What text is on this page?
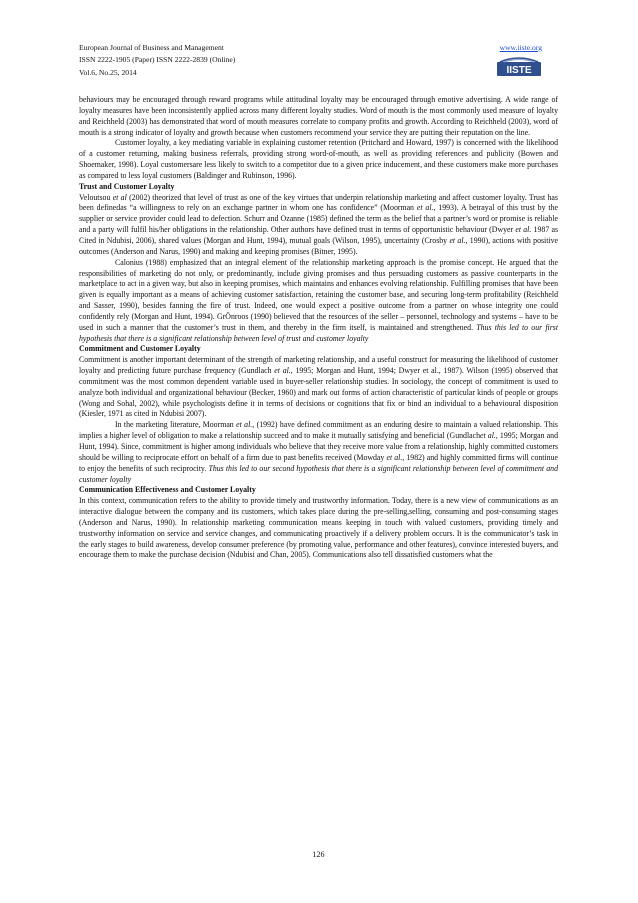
European Journal of Business and Management
ISSN 2222-1905 (Paper) ISSN 2222-2839 (Online)
Vol.6, No.25, 2014
www.iiste.org
IISTE

behaviours may be encouraged through reward programs while attitudinal loyalty may be encouraged through emotive advertising. A wide range of loyalty measures have been inconsistently applied across many different loyalty studies. Word of mouth is the most commonly used measure of loyalty and Reichheld (2003) has demonstrated that word of mouth measures correlate to company profits and growth. According to Reichheld (2003), word of mouth is a strong indicator of loyalty and growth because when customers recommend your service they are putting their reputation on the line.

Customer loyalty, a key mediating variable in explaining customer retention (Pritchard and Howard, 1997) is concerned with the likelihood of a customer returning, making business referrals, providing strong word-of-mouth, as well as providing references and publicity (Bowen and Shoemaker, 1998). Loyal customersare less likely to switch to a competitor due to a given price inducement, and these customers make more purchases as compared to less loyal customers (Baldinger and Rubinson, 1996).

Trust and Customer Loyalty

Veloutsou et al (2002) theorized that level of trust as one of the key virtues that underpin relationship marketing and affect customer loyalty. Trust has been definedas “a willingness to rely on an exchange partner in whom one has confidence” (Moorman et al., 1993). A betrayal of this trust by the supplier or service provider could lead to defection. Schurr and Ozanne (1985) defined the term as the belief that a partner’s word or promise is reliable and a party will fulfil his/her obligations in the relationship. Other authors have defined trust in terms of opportunistic behaviour (Dwyer et al. 1987 as Cited in Ndubisi, 2006), shared values (Morgan and Hunt, 1994), mutual goals (Wilson, 1995), uncertainty (Crosby et al., 1990), actions with positive outcomes (Anderson and Narus, 1990) and making and keeping promises (Bitner, 1995).

Calonius (1988) emphasized that an integral element of the relationship marketing approach is the promise concept. He argued that the responsibilities of marketing do not only, or predominantly, include giving promises and thus persuading customers as passive counterparts in the marketplace to act in a given way, but also in keeping promises, which maintains and enhances evolving relationship. Fulfilling promises that have been given is equally important as a means of achieving customer satisfaction, retaining the customer base, and securing long-term profitability (Reichheld and Sasser, 1990), besides fanning the fire of trust. Indeed, one would expect a positive outcome from a partner on whose integrity one could confidently rely (Morgan and Hunt, 1994). GrÖnroos (1990) believed that the resources of the seller – personnel, technology and systems – have to be used in such a manner that the customer’s trust in them, and thereby in the firm itself, is maintained and strengthened. Thus this led to our first hypothesis that there is a significant relationship between level of trust and customer loyalty

Commitment and Customer Loyalty

Commitment is another important determinant of the strength of marketing relationship, and a useful construct for measuring the likelihood of customer loyalty and predicting future purchase frequency (Gundlach et al., 1995; Morgan and Hunt, 1994; Dwyer et al., 1987). Wilson (1995) observed that commitment was the most common dependent variable used in buyer-seller relationship studies. In sociology, the concept of commitment is used to analyze both individual and organizational behaviour (Becker, 1960) and mark out forms of action characteristic of particular kinds of people or groups (Wong and Sohal, 2002), while psychologists define it in terms of decisions or cognitions that fix or bind an individual to a behavioural disposition (Kiesler, 1971 as cited in Ndubisi 2007).

In the marketing literature, Moorman et al., (1992) have defined commitment as an enduring desire to maintain a valued relationship. This implies a higher level of obligation to make a relationship succeed and to make it mutually satisfying and beneficial (Gundlachet al., 1995; Morgan and Hunt, 1994). Since, commitment is higher among individuals who believe that they receive more value from a relationship, highly committed customers should be willing to reciprocate effort on behalf of a firm due to past benefits received (Mowday et al., 1982) and highly committed firms will continue to enjoy the benefits of such reciprocity. Thus this led to our second hypothesis that there is a significant relationship between level of commitment and customer loyalty

Communication Effectiveness and Customer Loyalty

In this context, communication refers to the ability to provide timely and trustworthy information. Today, there is a new view of communications as an interactive dialogue between the company and its customers, which takes place during the pre-selling,selling, consuming and post-consuming stages (Anderson and Narus, 1990). In relationship marketing communication means keeping in touch with valued customers, providing timely and trustworthy information on service and service changes, and communicating proactively if a delivery problem occurs. It is the communicator’s task in the early stages to build awareness, develop consumer preference (by promoting value, performance and other features), convince interested buyers, and encourage them to make the purchase decision (Ndubisi and Chan, 2005). Communications also tell dissatisfied customers what the

126
